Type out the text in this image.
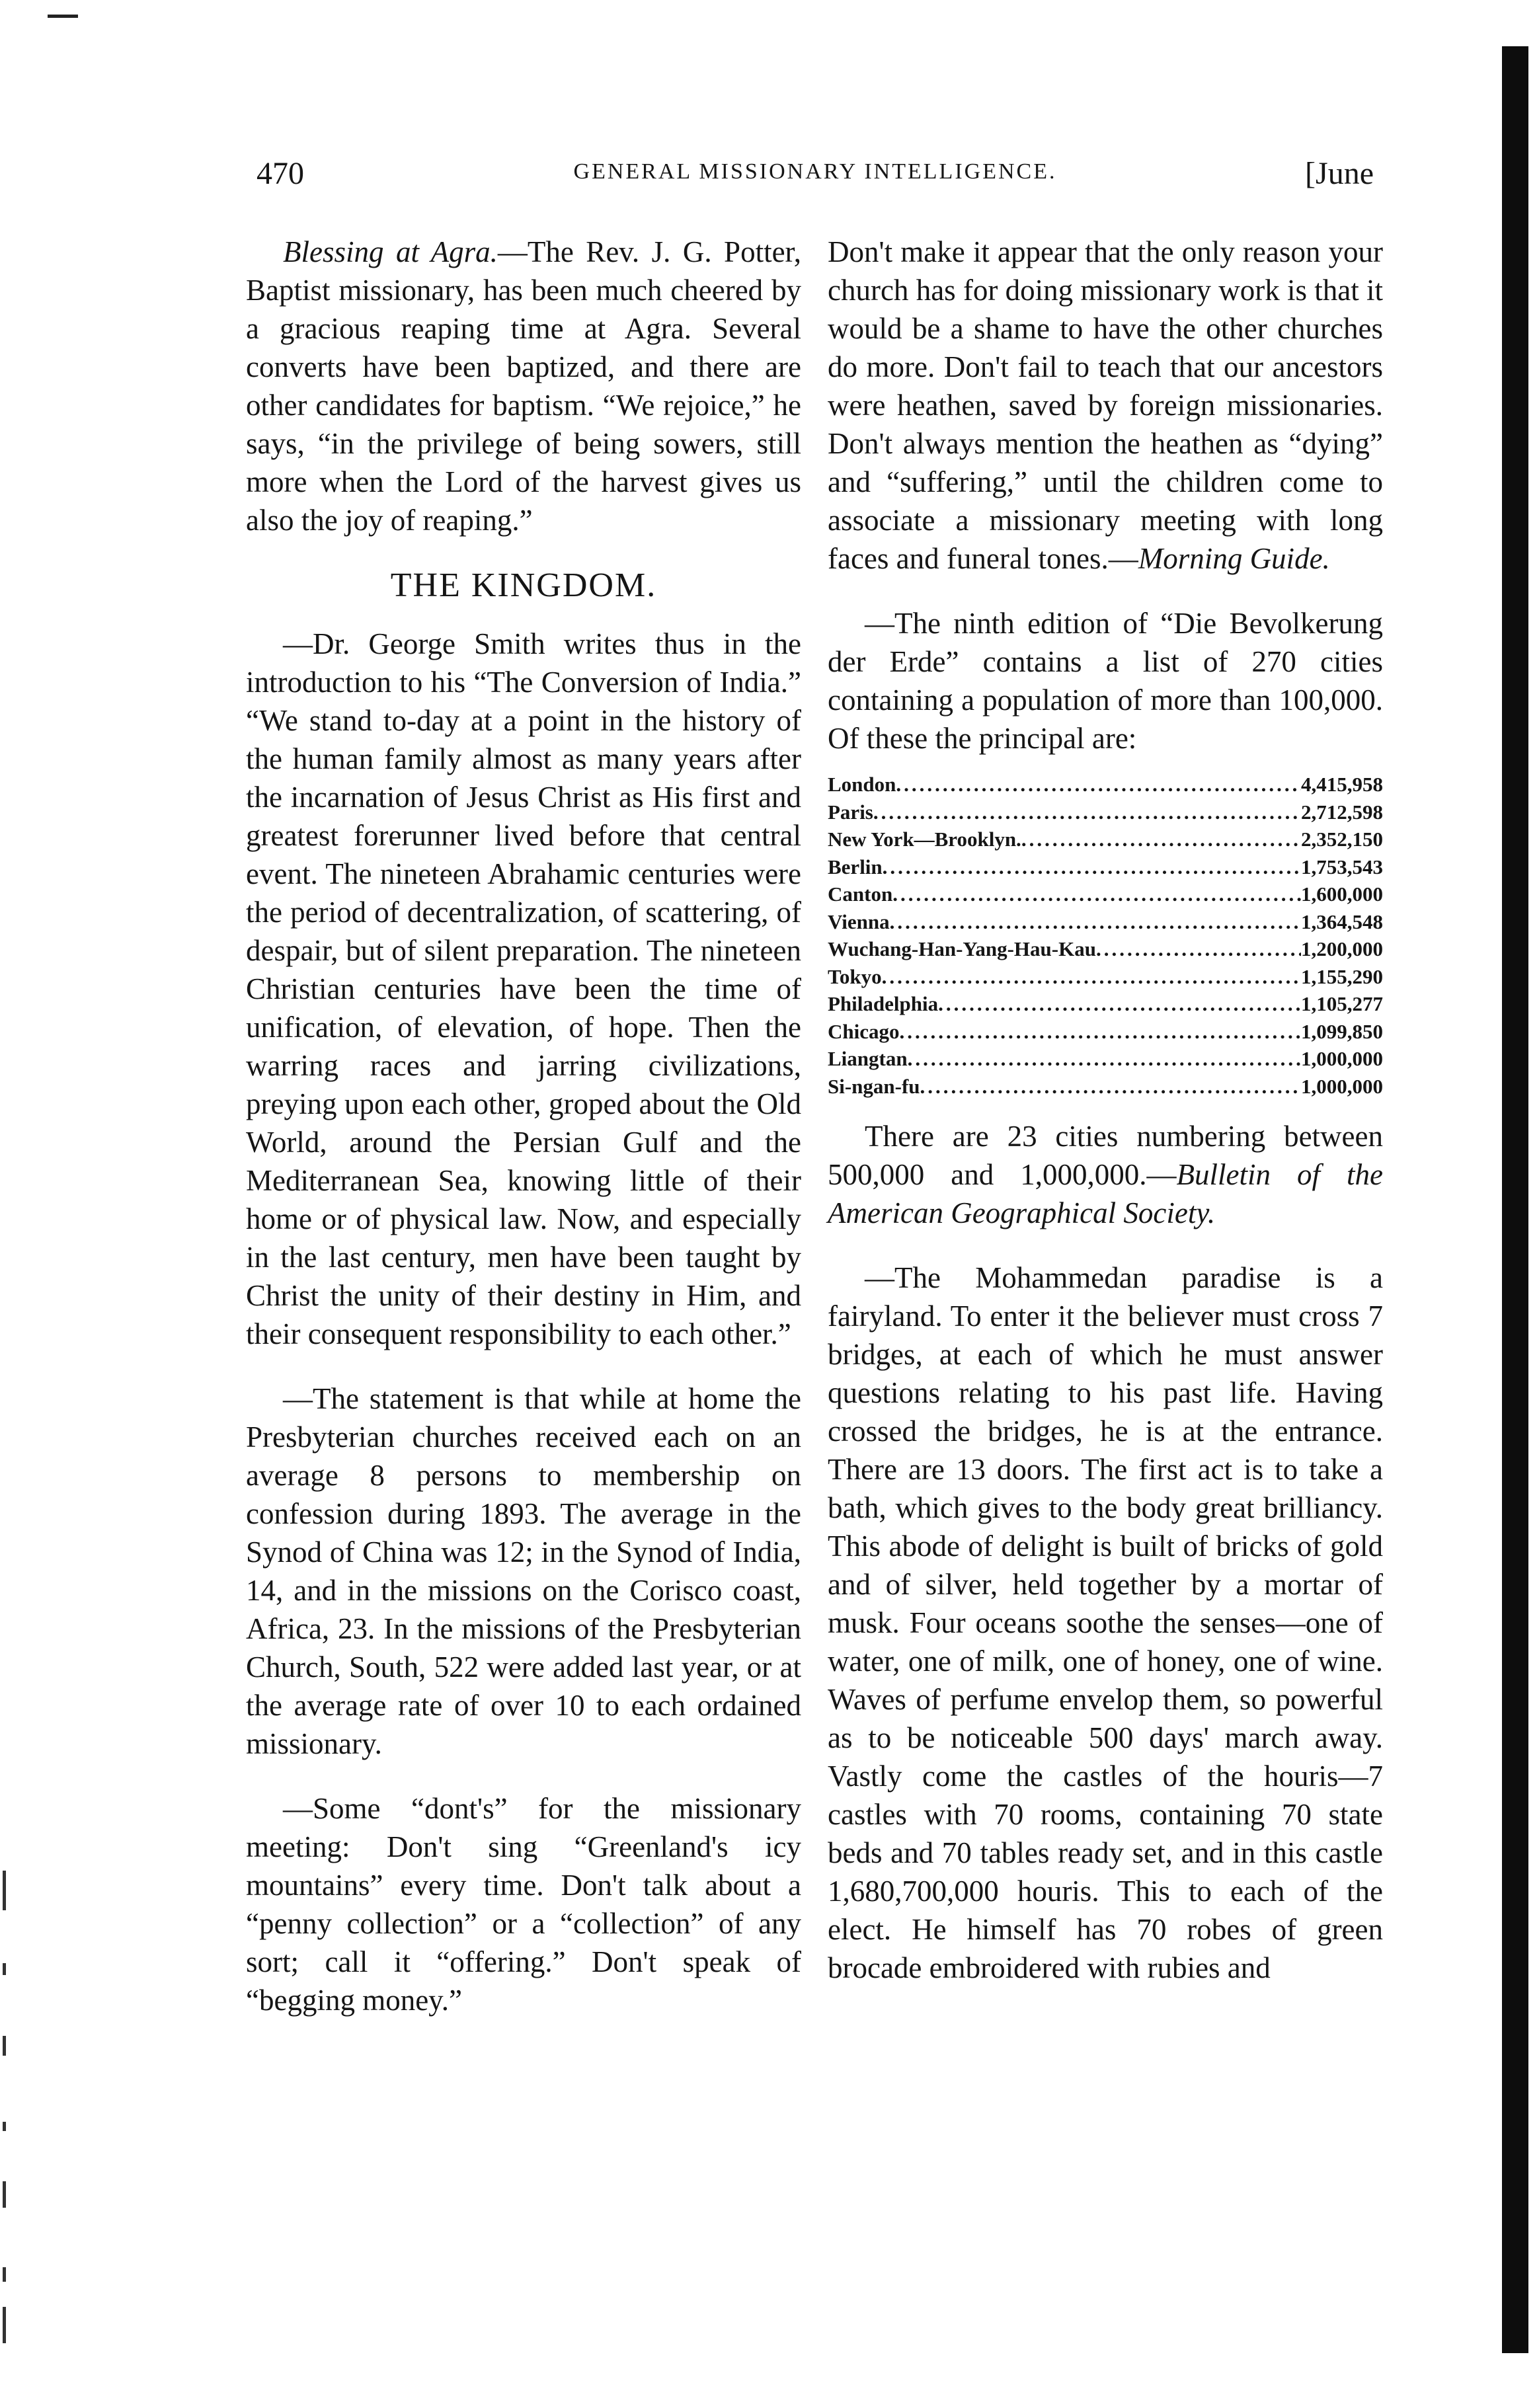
470	GENERAL MISSIONARY INTELLIGENCE.	[June

Blessing at Agra.—The Rev. J. G. Potter, Baptist missionary, has been much cheered by a gracious reaping time at Agra. Several converts have been baptized, and there are other candidates for baptism. “We rejoice,” he says, “in the privilege of being sowers, still more when the Lord of the harvest gives us also the joy of reaping.”

THE KINGDOM.

—Dr. George Smith writes thus in the introduction to his “The Conversion of India.” “We stand to-day at a point in the history of the human family almost as many years after the incarnation of Jesus Christ as His first and greatest forerunner lived before that central event. The nineteen Abrahamic centuries were the period of decentralization, of scattering, of despair, but of silent preparation. The nineteen Christian centuries have been the time of unification, of elevation, of hope. Then the warring races and jarring civilizations, preying upon each other, groped about the Old World, around the Persian Gulf and the Mediterranean Sea, knowing little of their home or of physical law. Now, and especially in the last century, men have been taught by Christ the unity of their destiny in Him, and their consequent responsibility to each other.”

—The statement is that while at home the Presbyterian churches received each on an average 8 persons to membership on confession during 1893. The average in the Synod of China was 12; in the Synod of India, 14, and in the missions on the Corisco coast, Africa, 23. In the missions of the Presbyterian Church, South, 522 were added last year, or at the average rate of over 10 to each ordained missionary.

—Some “dont's” for the missionary meeting: Don't sing “Greenland's icy mountains” every time. Don't talk about a “penny collection” or a “collection” of any sort; call it “offering.” Don't speak of “begging money.”

Don't make it appear that the only reason your church has for doing missionary work is that it would be a shame to have the other churches do more. Don't fail to teach that our ancestors were heathen, saved by foreign missionaries. Don't always mention the heathen as “dying” and “suffering,” until the children come to associate a missionary meeting with long faces and funeral tones.—Morning Guide.

—The ninth edition of “Die Bevolkerung der Erde” contains a list of 270 cities containing a population of more than 100,000. Of these the principal are:

London .....	4,415,958
Paris .....	2,712,598
New York—Brooklyn. .....	2,352,150
Berlin .....	1,753,543
Canton .....	1,600,000
Vienna .....	1,364,548
Wuchang-Han-Yang-Hau-Kau .....	1,200,000
Tokyo .....	1,155,290
Philadelphia .....	1,105,277
Chicago .....	1,099,850
Liangtan .....	1,000,000
Si-ngan-fu .....	1,000,000

There are 23 cities numbering between 500,000 and 1,000,000.—Bulletin of the American Geographical Society.

—The Mohammedan paradise is a fairyland. To enter it the believer must cross 7 bridges, at each of which he must answer questions relating to his past life. Having crossed the bridges, he is at the entrance. There are 13 doors. The first act is to take a bath, which gives to the body great brilliancy. This abode of delight is built of bricks of gold and of silver, held together by a mortar of musk. Four oceans soothe the senses—one of water, one of milk, one of honey, one of wine. Waves of perfume envelop them, so powerful as to be noticeable 500 days' march away. Vastly come the castles of the houris—7 castles with 70 rooms, containing 70 state beds and 70 tables ready set, and in this castle 1,680,700,000 houris. This to each of the elect. He himself has 70 robes of green brocade embroidered with rubies and
